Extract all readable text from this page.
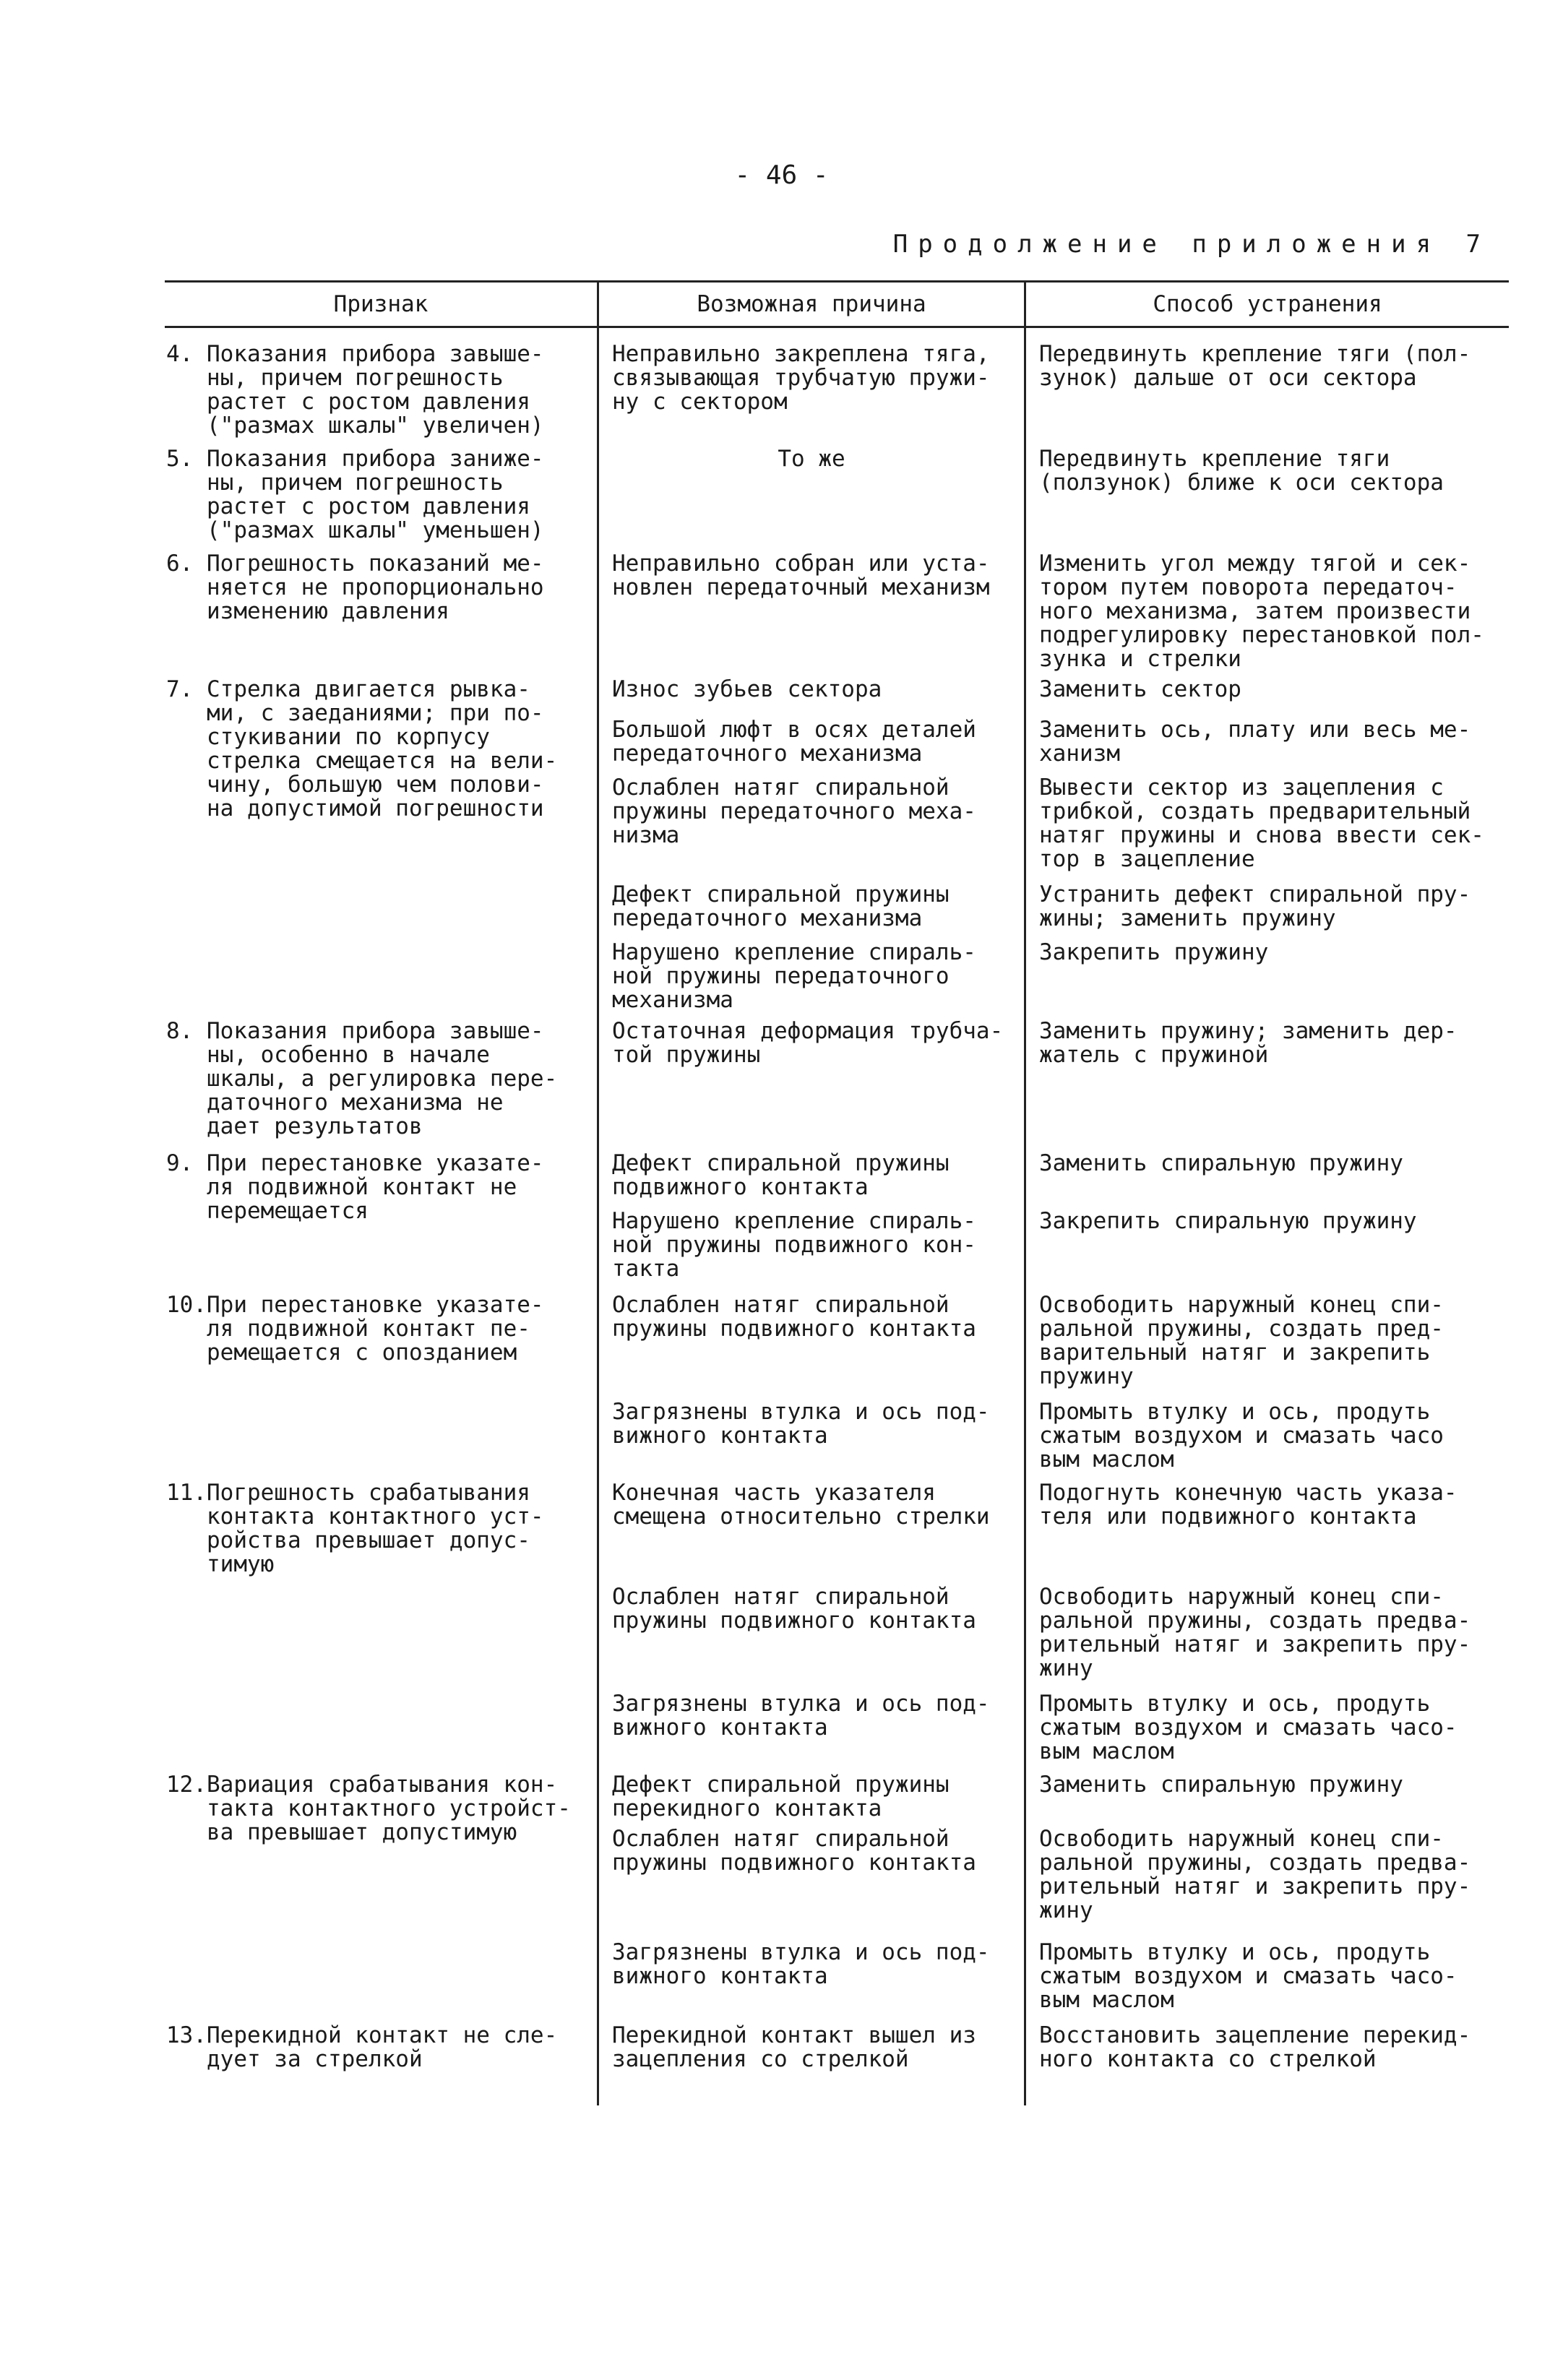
- 46 -
Продолжение приложения 7
Признак	Возможная причина	Способ устранения
4. Показания прибора завыше-
ны, причем погрешность
растет с ростом давления
("размах шкалы" увеличен)
5. Показания прибора занижe-
ны, причем погрешность
растет с ростом давления
("размах шкалы" уменьшен)
6. Погрешность показаний ме-
няется не пропорционально
изменению давления
7. Стрелка двигается рывка-
ми, с заеданиями; при по-
стукивании по корпусу
стрелка смещается на вели-
чину, большую чем полови-
на допустимой погрешности
8. Показания прибора завыше-
ны, особенно в начале
шкалы, а регулировка пере-
даточного механизма не
дает результатов
9. При перестановке указате-
ля подвижной контакт не
перемещается
10.При перестановке указате-
ля подвижной контакт пе-
ремещается с опозданием
11.Погрешность срабатывания
контакта контактного уст-
ройства превышает допус-
тимую
12.Вариация срабатывания кон-
такта контактного устройст-
ва превышает допустимую
13.Перекидной контакт не сле-
дует за стрелкой
Неправильно закреплена тяга,
связывающая трубчатую пружи-
ну с сектором
То же
Неправильно собран или уста-
новлен передаточный механизм
Износ зубьев сектора
Большой люфт в осях деталей
передаточного механизма
Ослаблен натяг спиральной
пружины передаточного меха-
низма
Дефект спиральной пружины
передаточного механизма
Нарушено крепление спираль-
ной пружины передаточного
механизма
Остаточная деформация трубча-
той пружины
Дефект спиральной пружины
подвижного контакта
Нарушено крепление спираль-
ной пружины подвижного кон-
такта
Ослаблен натяг спиральной
пружины подвижного контакта
Загрязнены втулка и ось под-
вижного контакта
Конечная часть указателя
смещена относительно стрелки
Ослаблен натяг спиральной
пружины подвижного контакта
Загрязнены втулка и ось под-
вижного контакта
Дефект спиральной пружины
перекидного контакта
Ослаблен натяг спиральной
пружины подвижного контакта
Загрязнены втулка и ось под-
вижного контакта
Перекидной контакт вышел из
зацепления со стрелкой
Передвинуть крепление тяги (пол-
зунок) дальше от оси сектора
Передвинуть крепление тяги
(ползунок) ближе к оси сектора
Изменить угол между тягой и сек-
тором путем поворота передаточ-
ного механизма, затем произвести
подрегулировку перестановкой пол-
зунка и стрелки
Заменить сектор
Заменить ось, плату или весь ме-
ханизм
Вывести сектор из зацепления с
трибкой, создать предварительный
натяг пружины и снова ввести сек-
тор в зацепление
Устранить дефект спиральной пру-
жины; заменить пружину
Закрепить пружину
Заменить пружину; заменить дер-
жатель с пружиной
Заменить спиральную пружину
Закрепить спиральную пружину
Освободить наружный конец спи-
ральной пружины, создать пред-
варительный натяг и закрепить
пружину
Промыть втулку и ось, продуть
сжатым воздухом и смазать часо
вым маслом
Подогнуть конечную часть указа-
теля или подвижного контакта
Освободить наружный конец спи-
ральной пружины, создать предва-
рительный натяг и закрепить пру-
жину
Промыть втулку и ось, продуть
сжатым воздухом и смазать часо-
вым маслом
Заменить спиральную пружину
Освободить наружный конец спи-
ральной пружины, создать предва-
рительный натяг и закрепить пру-
жину
Промыть втулку и ось, продуть
сжатым воздухом и смазать часо-
вым маслом
Восстановить зацепление перекид-
ного контакта со стрелкой
